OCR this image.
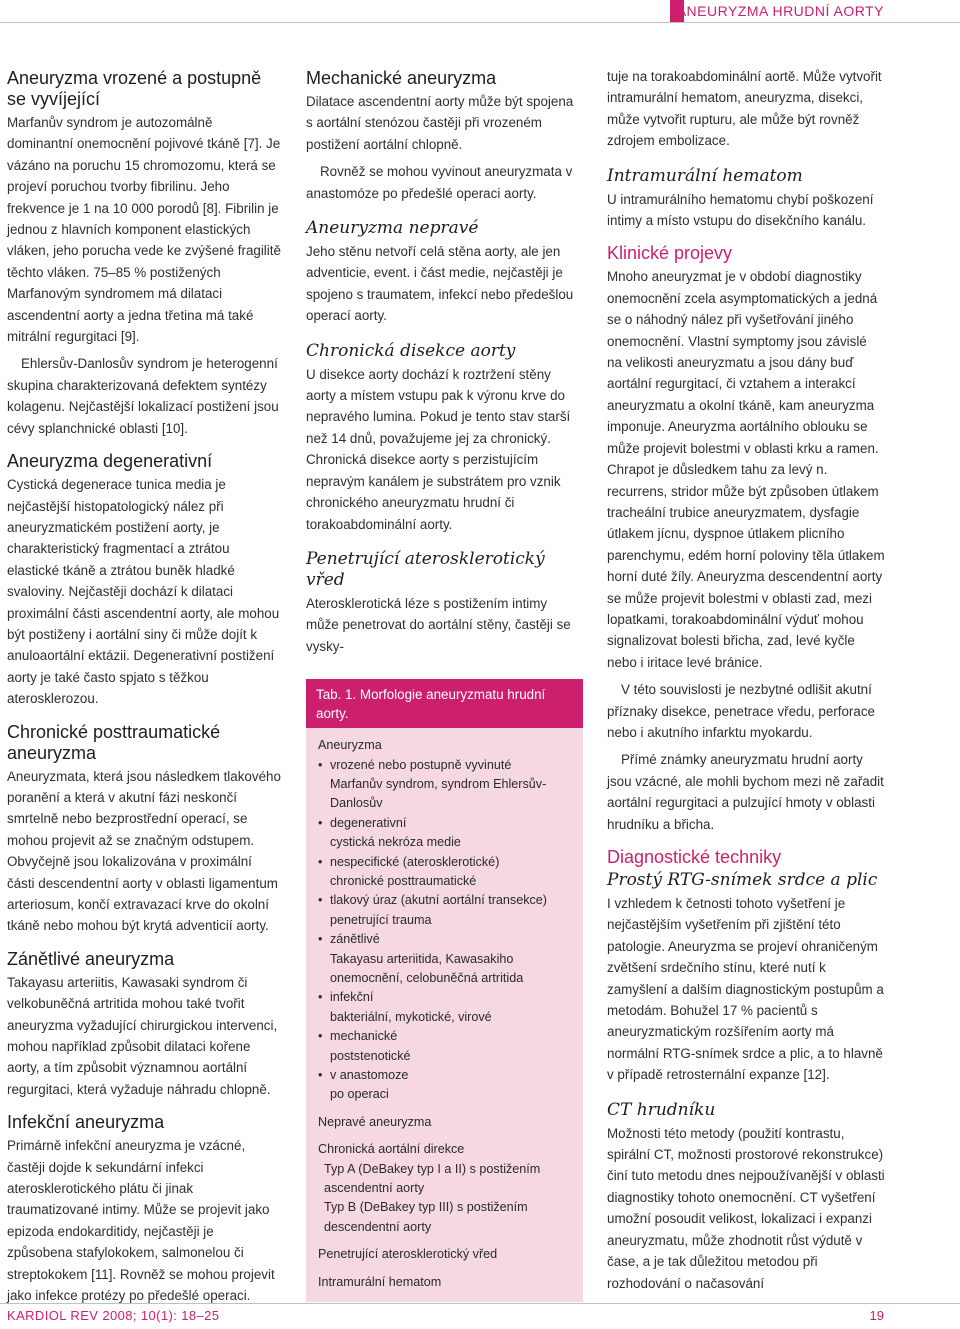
ANEURYZMA HRUDNÍ AORTY
Aneuryzma vrozené a postupně se vyvíjející

Marfanův syndrom je autozomálně dominantní onemocnění pojivové tkáně [7]. Je vázáno na poruchu 15 chromozomu, která se projeví poruchou tvorby fibrilinu. Jeho frekvence je 1 na 10 000 porodů [8]. Fibrilin je jednou z hlavních komponent elastických vláken, jeho porucha vede ke zvýšené fragilitě těchto vláken. 75–85 % postižených Marfanovým syndromem má dilataci ascendentní aorty a jedna třetina má také mitrální regurgitaci [9].

Ehlersův-Danlosův syndrom je heterogenní skupina charakterizovaná defektem syntézy kolagenu. Nejčastější lokalizací postižení jsou cévy splanchnické oblasti [10].

Aneuryzma degenerativní

Cystická degenerace tunica media je nejčastější histopatologický nález při aneuryzmatickém postižení aorty, je charakteristický fragmentací a ztrátou elastické tkáně a ztrátou buněk hladké svaloviny. Nejčastěji dochází k dilataci proximální části ascendentní aorty, ale mohou být postiženy i aortální siny či může dojít k anuloaortální ektázii. Degenerativní postižení aorty je také často spjato s těžkou aterosklerozou.

Chronické posttraumatické aneuryzma

Aneuryzmata, která jsou následkem tlakového poranění a která v akutní fázi neskončí smrtelně nebo bezprostřední operací, se mohou projevit až se značným odstupem. Obvyčejně jsou lokalizována v proximální části descendentní aorty v oblasti ligamentum arteriosum, končí extravazací krve do okolní tkáně nebo mohou být krytá adventicií aorty.

Zánětlivé aneuryzma

Takayasu arteriitis, Kawasaki syndrom či velkobuněčná artritida mohou také tvořit aneuryzma vyžadující chirurgickou intervenci, mohou například způsobit dilataci kořene aorty, a tím způsobit významnou aortální regurgitaci, která vyžaduje náhradu chlopně.

Infekční aneuryzma

Primárně infekční aneuryzma je vzácné, častěji dojde k sekundární infekci aterosklerotického plátu či jinak traumatizované intimy. Může se projevit jako epizoda endokarditidy, nejčastěji je způsobena stafylokokem, salmonelou či streptokokem [11]. Rovněž se mohou projevit jako infekce protézy po předešlé operaci.

Mechanické aneuryzma

Dilatace ascendentní aorty může být spojena s aortální stenózou častěji při vrozeném postižení aortální chlopně.

Rovněž se mohou vyvinout aneuryzmata v anastomóze po předešlé operaci aorty.

Aneuryzma nepravé

Jeho stěnu netvoří celá stěna aorty, ale jen adventicie, event. i část medie, nejčastěji je spojeno s traumatem, infekcí nebo předešlou operací aorty.

Chronická disekce aorty

U disekce aorty dochází k roztržení stěny aorty a místem vstupu pak k výronu krve do nepravého lumina. Pokud je tento stav starší než 14 dnů, považujeme jej za chronický. Chronická disekce aorty s perzistujícím nepravým kanálem je substrátem pro vznik chronického aneuryzmatu hrudní či torakoabdominální aorty.

Penetrující aterosklerotický vřed

Aterosklerotická léze s postižením intimy může penetrovat do aortální stěny, častěji se vysky-

Tab. 1. Morfologie aneuryzmatu hrudní aorty.
Aneuryzma
• vrozené nebo postupně vyvinuté
Marfanův syndrom, syndrom Ehlersův-Danlosův
• degenerativní
cystická nekróza medie
• nespecifické (aterosklerotické)
chronické posttraumatické
• tlakový úraz (akutní aortální transekce)
penetrující trauma
• zánětlivé
Takayasu arteriitida, Kawasakiho onemocnění, celobuněčná artritida
• infekční
bakteriální, mykotické, virové
• mechanické
poststenotické
• v anastomoze
po operaci
Nepravé aneuryzma
Chronická aortální direkce
Typ A (DeBakey typ I a II) s postižením ascendentní aorty
Typ B (DeBakey typ III) s postižením descendentní aorty
Penetrující aterosklerotický vřed
Intramurální hematom

tuje na torakoabdominální aortě. Může vytvořit intramurální hematom, aneuryzma, disekci, může vytvořit rupturu, ale může být rovněž zdrojem embolizace.

Intramurální hematom

U intramurálního hematomu chybí poškození intimy a místo vstupu do disekčního kanálu.

Klinické projevy

Mnoho aneuryzmat je v období diagnostiky onemocnění zcela asymptomatických a jedná se o náhodný nález při vyšetřování jiného onemocnění. Vlastní symptomy jsou závislé na velikosti aneuryzmatu a jsou dány buď aortální regurgitací, či vztahem a interakcí aneuryzmatu a okolní tkáně, kam aneuryzma imponuje. Aneuryzma aortálního oblouku se může projevit bolestmi v oblasti krku a ramen. Chrapot je důsledkem tahu za levý n. recurrens, stridor může být způsoben útlakem tracheální trubice aneuryzmatem, dysfagie útlakem jícnu, dyspnoe útlakem plicního parenchymu, edém horní poloviny těla útlakem horní duté žíly. Aneuryzma descendentní aorty se může projevit bolestmi v oblasti zad, mezi lopatkami, torakoabdominální výduť mohou signalizovat bolesti břicha, zad, levé kyčle nebo i iritace levé bránice.

V této souvislosti je nezbytné odlišit akutní příznaky disekce, penetrace vředu, perforace nebo i akutního infarktu myokardu.

Přímé známky aneuryzmatu hrudní aorty jsou vzácné, ale mohli bychom mezi ně zařadit aortální regurgitaci a pulzující hmoty v oblasti hrudníku a břicha.

Diagnostické techniky
Prostý RTG-snímek srdce a plic

I vzhledem k četnosti tohoto vyšetření je nejčastějším vyšetřením při zjištění této patologie. Aneuryzma se projeví ohraničeným zvětšení srdečního stínu, které nutí k zamyšlení a dalším diagnostickým postupům a metodám. Bohužel 17 % pacientů s aneuryzmatickým rozšířením aorty má normální RTG-snímek srdce a plic, a to hlavně v případě retrosternální expanze [12].

CT hrudníku

Možnosti této metody (použití kontrastu, spirální CT, možnosti prostorové rekonstrukce) činí tuto metodu dnes nejpoužívanější v oblasti diagnostiky tohoto onemocnění. CT vyšetření umožní posoudit velikost, lokalizaci i expanzi aneuryzmatu, může zhodnotit růst výdutě v čase, a je tak důležitou metodou při rozhodování o načasování

KARDIOL REV 2008; 10(1): 18–25	19
